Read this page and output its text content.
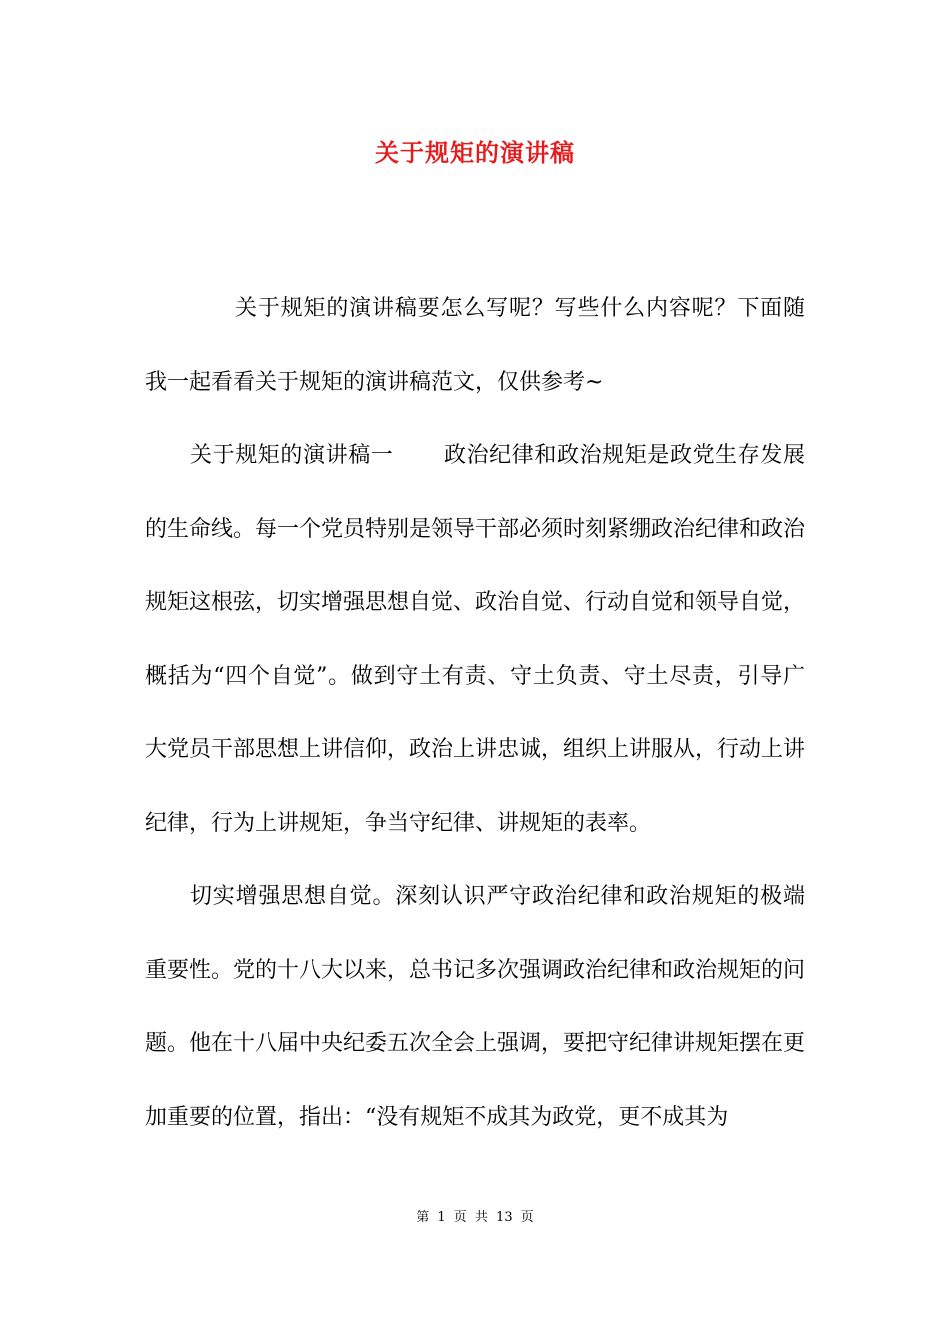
关于规矩的演讲稿

关于规矩的演讲稿要怎么写呢？写些什么内容呢？下面随我一起看看关于规矩的演讲稿范文，仅供参考~

关于规矩的演讲稿一 政治纪律和政治规矩是政党生存发展的生命线。每一个党员特别是领导干部必须时刻紧绷政治纪律和政治规矩这根弦，切实增强思想自觉、政治自觉、行动自觉和领导自觉，概括为“四个自觉”。做到守土有责、守土负责、守土尽责，引导广大党员干部思想上讲信仰，政治上讲忠诚，组织上讲服从，行动上讲纪律，行为上讲规矩，争当守纪律、讲规矩的表率。

切实增强思想自觉。深刻认识严守政治纪律和政治规矩的极端重要性。党的十八大以来，总书记多次强调政治纪律和政治规矩的问题。他在十八届中央纪委五次全会上强调，要把守纪律讲规矩摆在更加重要的位置，指出：“没有规矩不成其为政党，更不成其为

第 1 页 共 13 页
